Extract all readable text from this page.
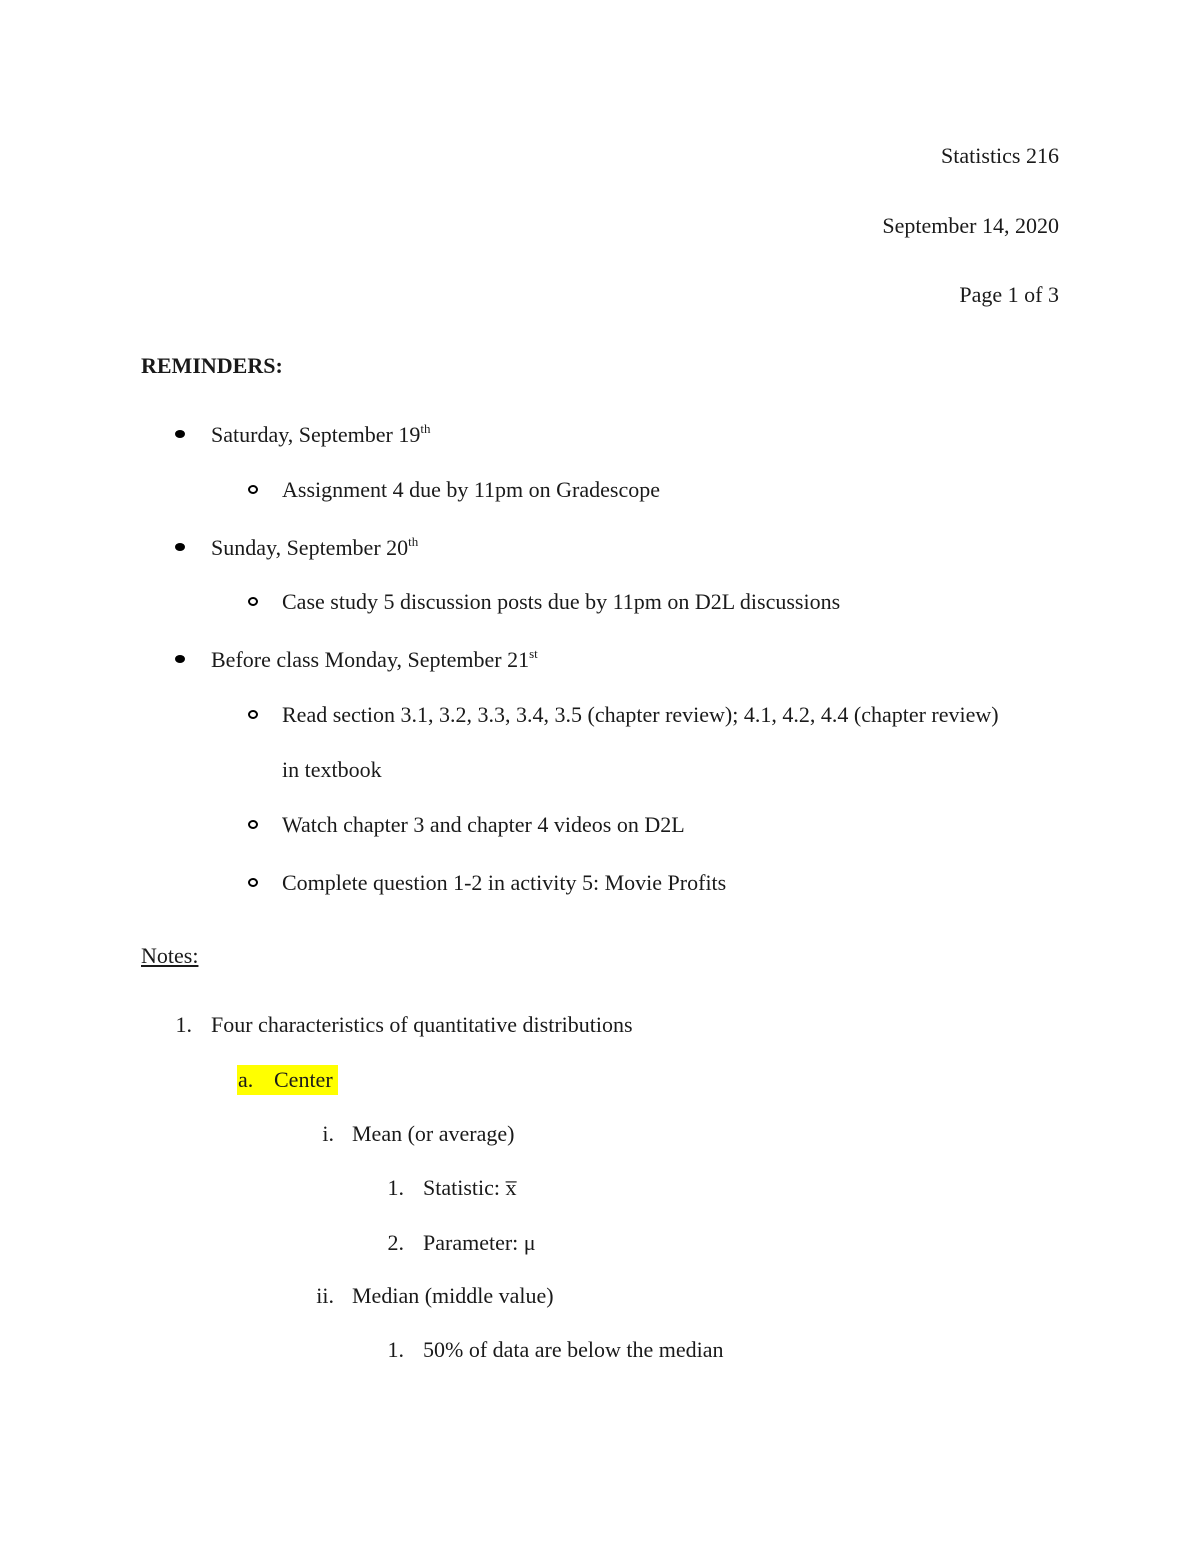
Statistics 216
September 14, 2020
Page 1 of 3
REMINDERS:
Saturday, September 19th
Assignment 4 due by 11pm on Gradescope
Sunday, September 20th
Case study 5 discussion posts due by 11pm on D2L discussions
Before class Monday, September 21st
Read section 3.1, 3.2, 3.3, 3.4, 3.5 (chapter review); 4.1, 4.2, 4.4 (chapter review)
in textbook
Watch chapter 3 and chapter 4 videos on D2L
Complete question 1-2 in activity 5: Movie Profits
Notes:
1. Four characteristics of quantitative distributions
a. Center
i. Mean (or average)
1. Statistic: x̅
2. Parameter: μ
ii. Median (middle value)
1. 50% of data are below the median
